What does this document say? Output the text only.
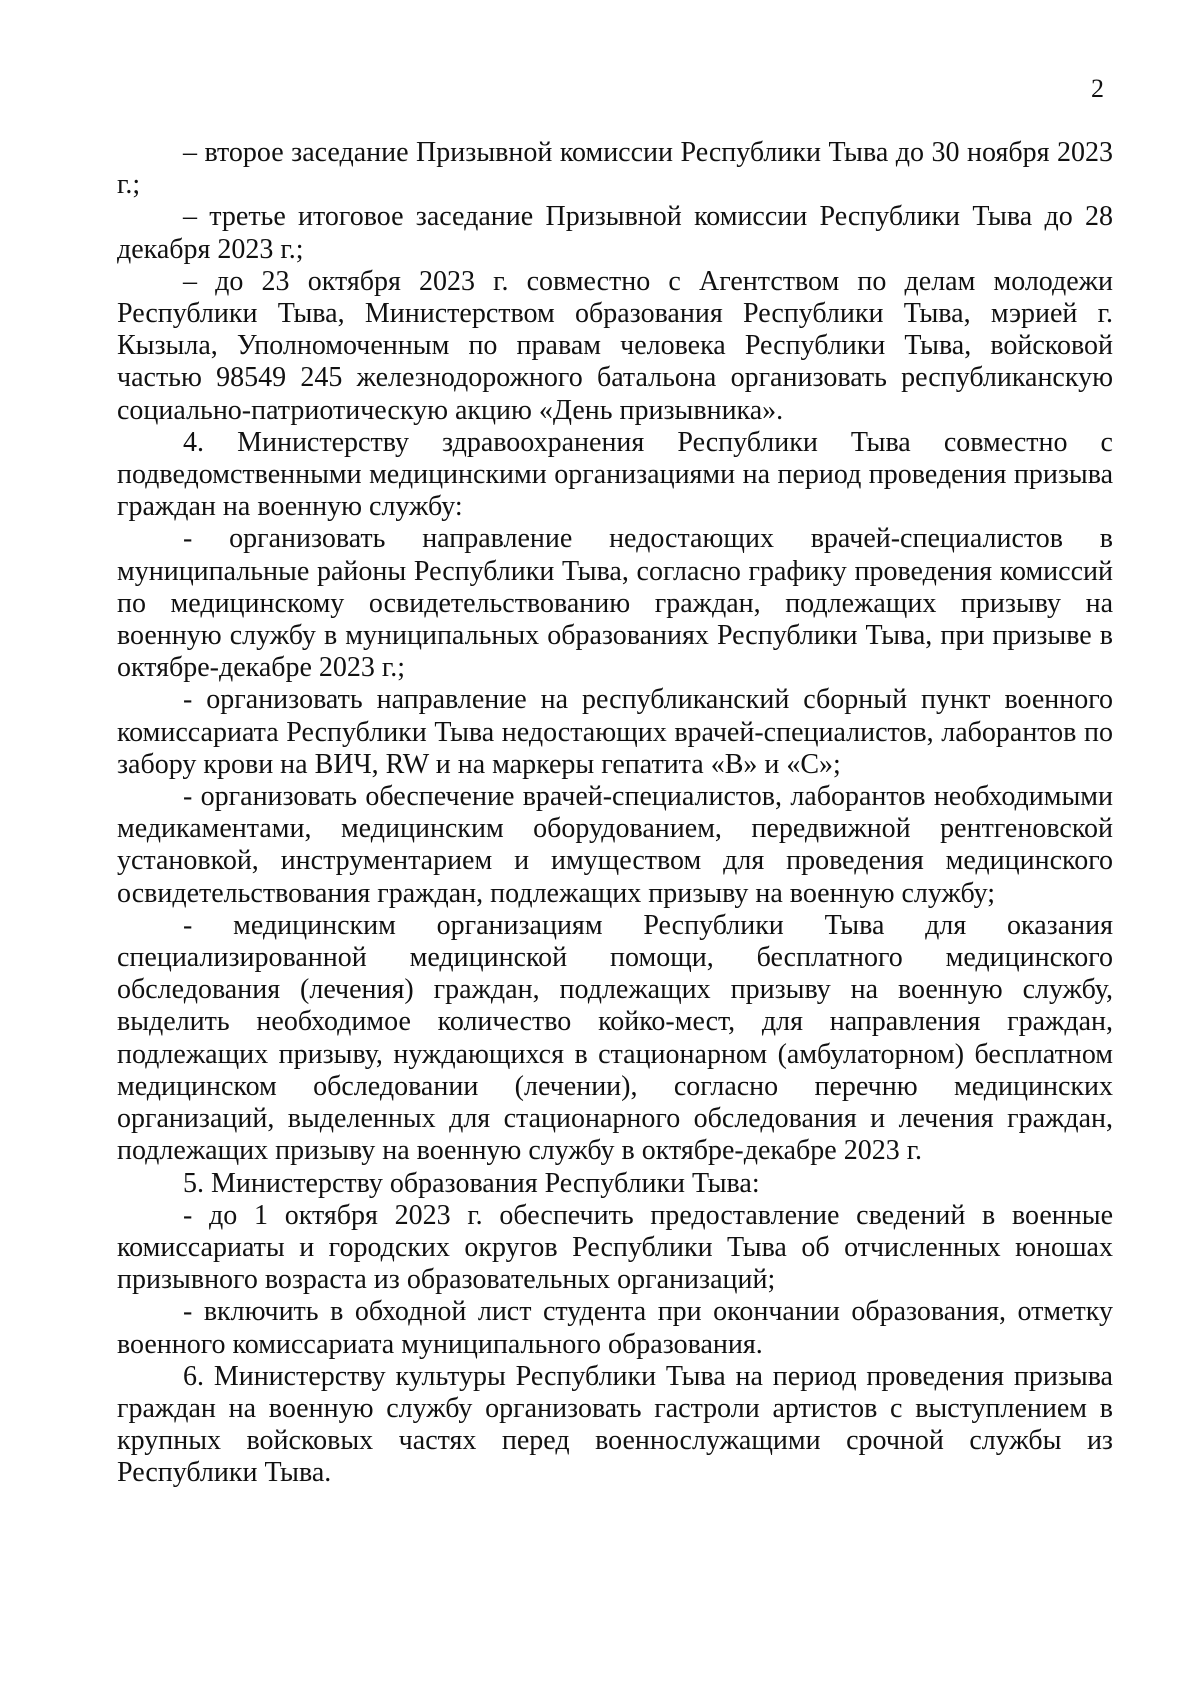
2

– второе заседание Призывной комиссии Республики Тыва до 30 ноября 2023 г.;

– третье итоговое заседание Призывной комиссии Республики Тыва до 28 декабря 2023 г.;

– до 23 октября 2023 г. совместно с Агентством по делам молодежи Республики Тыва, Министерством образования Республики Тыва, мэрией г. Кызыла, Уполномоченным по правам человека Республики Тыва, войсковой частью 98549 245 железнодорожного батальона организовать республиканскую социально-патриотическую акцию «День призывника».

4. Министерству здравоохранения Республики Тыва совместно с подведомственными медицинскими организациями на период проведения призыва граждан на военную службу:

- организовать направление недостающих врачей-специалистов в муниципальные районы Республики Тыва, согласно графику проведения комиссий по медицинскому освидетельствованию граждан, подлежащих призыву на военную службу в муниципальных образованиях Республики Тыва, при призыве в октябре-декабре 2023 г.;

- организовать направление на республиканский сборный пункт военного комиссариата Республики Тыва недостающих врачей-специалистов, лаборантов по забору крови на ВИЧ, RW и на маркеры гепатита «В» и «С»;

- организовать обеспечение врачей-специалистов, лаборантов необходимыми медикаментами, медицинским оборудованием, передвижной рентгеновской установкой, инструментарием и имуществом для проведения медицинского освидетельствования граждан, подлежащих призыву на военную службу;

- медицинским организациям Республики Тыва для оказания специализированной медицинской помощи, бесплатного медицинского обследования (лечения) граждан, подлежащих призыву на военную службу, выделить необходимое количество койко-мест, для направления граждан, подлежащих призыву, нуждающихся в стационарном (амбулаторном) бесплатном медицинском обследовании (лечении), согласно перечню медицинских организаций, выделенных для стационарного обследования и лечения граждан, подлежащих призыву на военную службу в октябре-декабре 2023 г.

5. Министерству образования Республики Тыва:

- до 1 октября 2023 г. обеспечить предоставление сведений в военные комиссариаты и городских округов Республики Тыва об отчисленных юношах призывного возраста из образовательных организаций;

- включить в обходной лист студента при окончании образования, отметку военного комиссариата муниципального образования.

6. Министерству культуры Республики Тыва на период проведения призыва граждан на военную службу организовать гастроли артистов с выступлением в крупных войсковых частях перед военнослужащими срочной службы из Республики Тыва.
